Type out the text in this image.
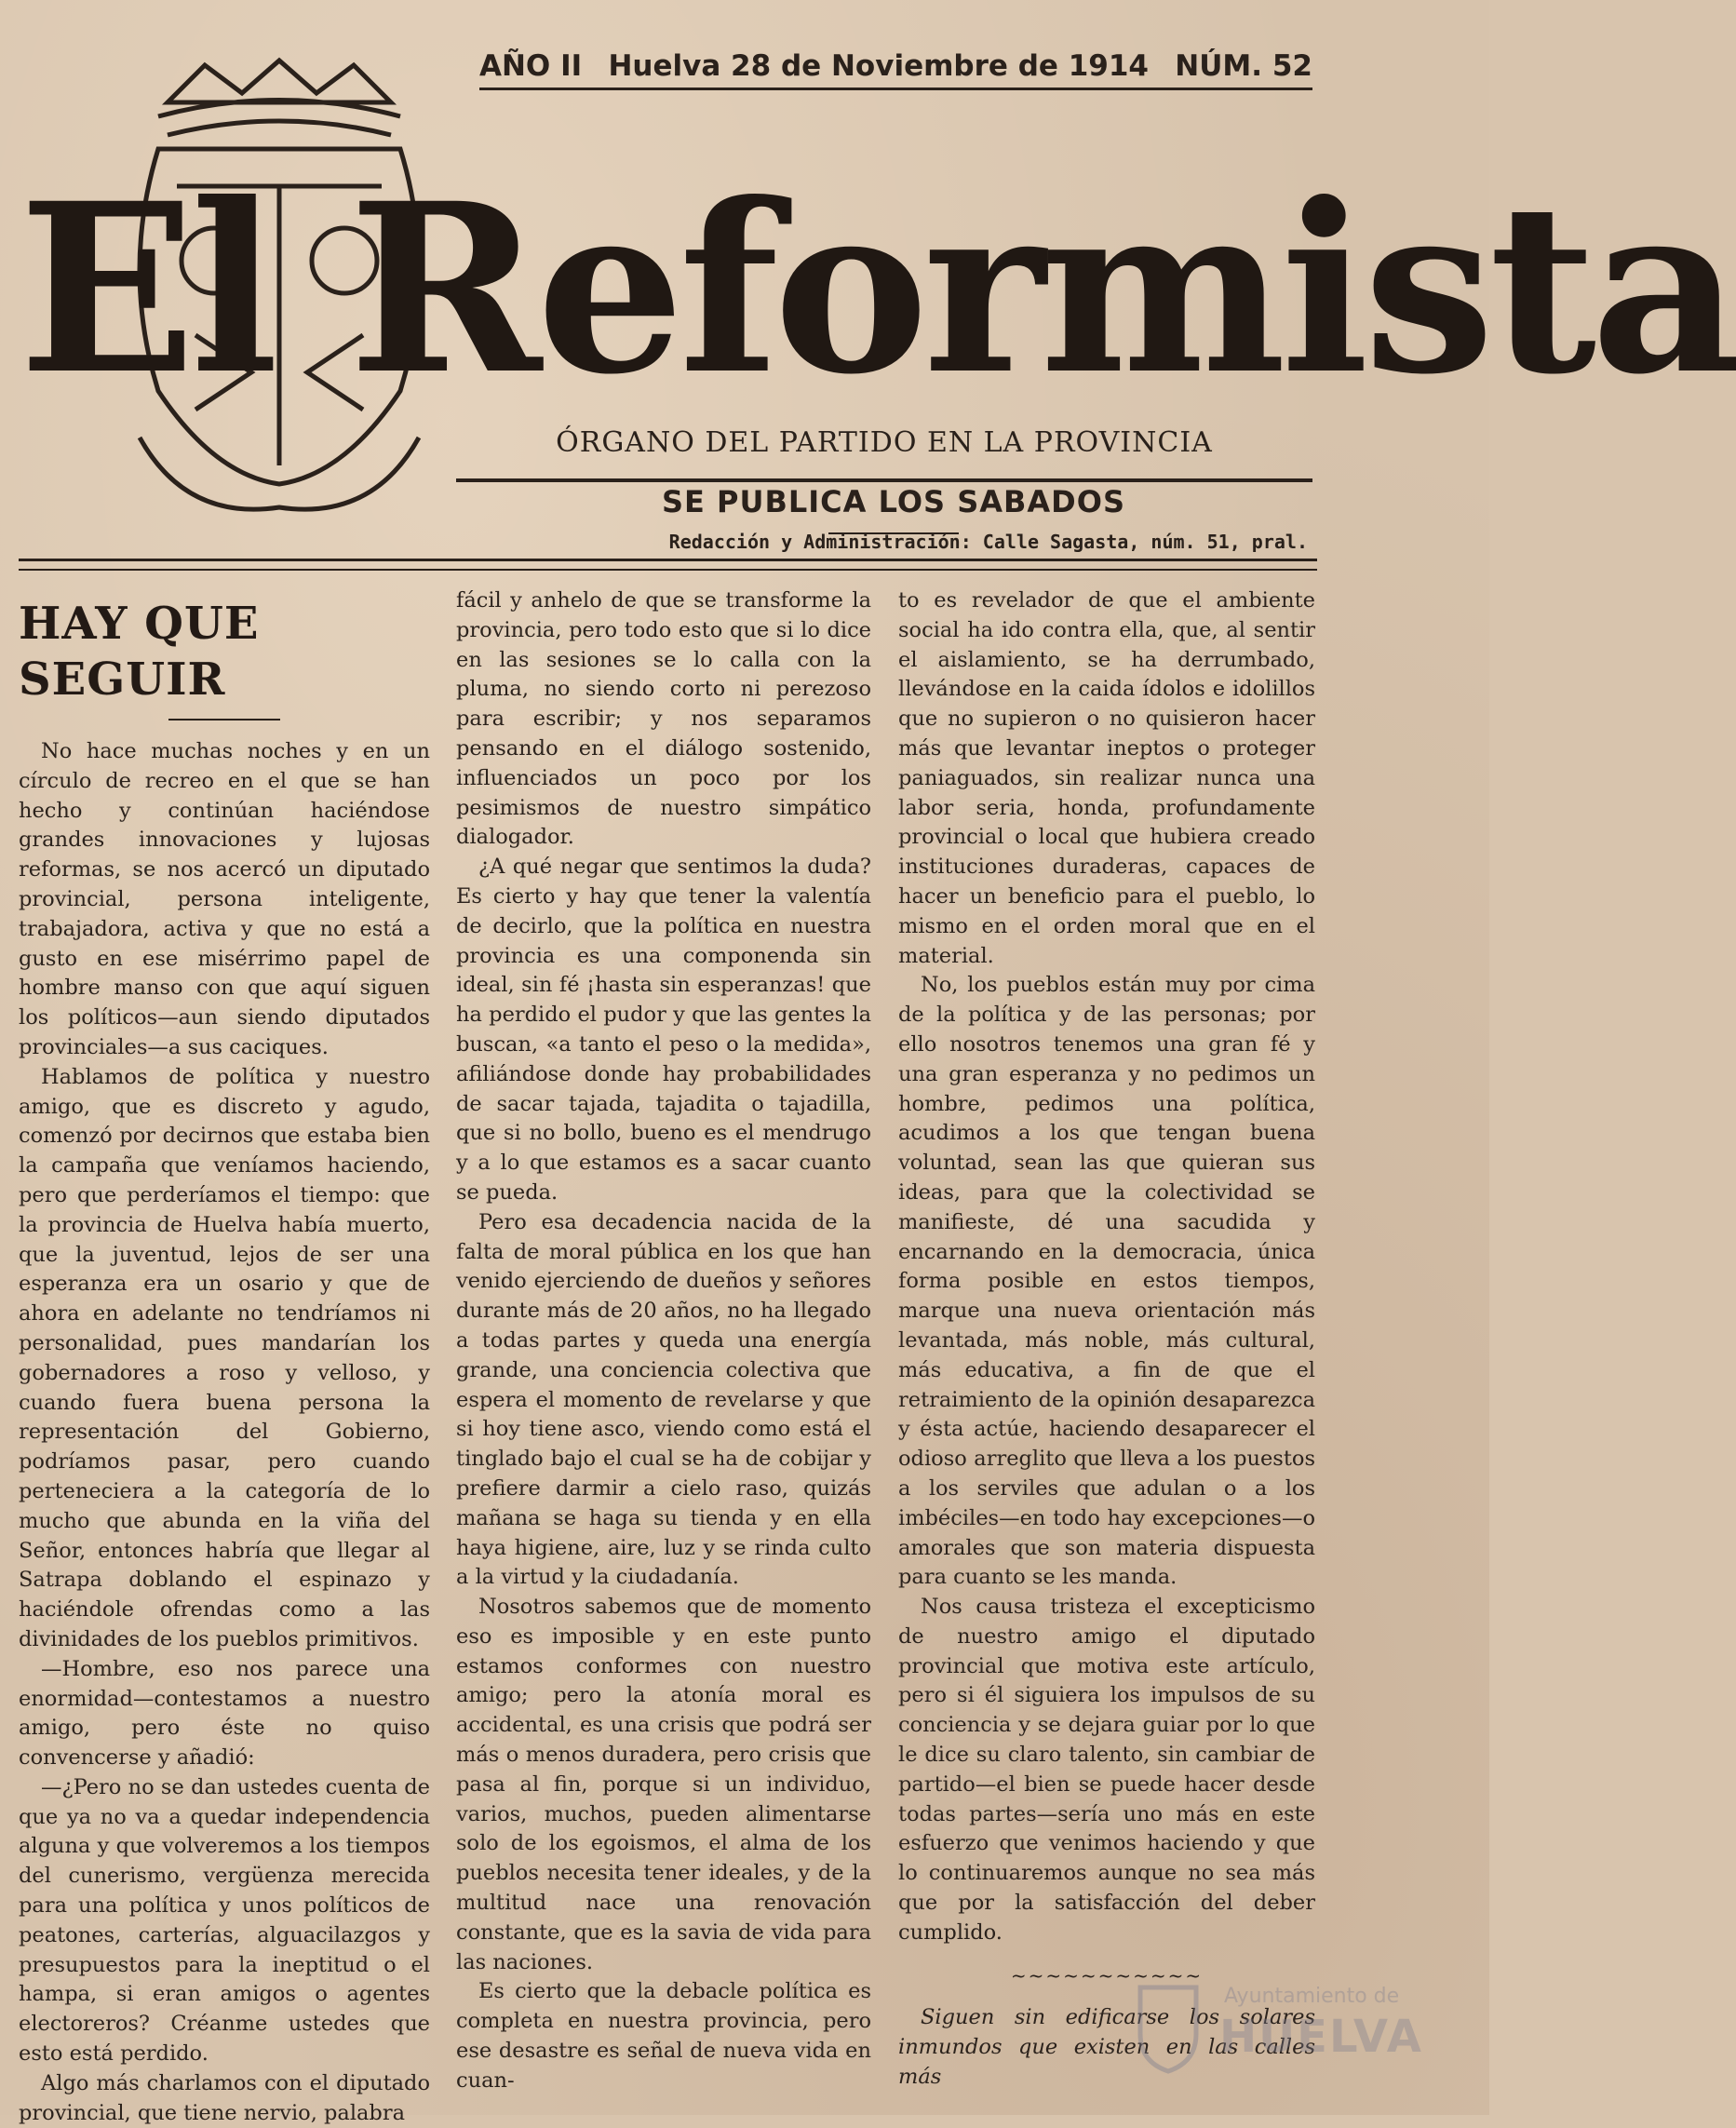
AÑO II Huelva 28 de Noviembre de 1914 NÚM. 52
El Reformista
ÓRGANO DEL PARTIDO EN LA PROVINCIA
SE PUBLICA LOS SABADOS
Redacción y Administración: Calle Sagasta, núm. 51, pral.
HAY QUE SEGUIR

No hace muchas noches y en un círculo de recreo en el que se han hecho y continúan haciéndose grandes innovaciones y lujosas reformas, se nos acercó un diputado provincial, persona inteligente, trabajadora, activa y que no está a gusto en ese misérrimo papel de hombre manso con que aquí siguen los políticos—aun siendo diputados provinciales—a sus caciques.

Hablamos de política y nuestro amigo, que es discreto y agudo, comenzó por decirnos que estaba bien la campaña que veníamos haciendo, pero que perderíamos el tiempo: que la provincia de Huelva había muerto, que la juventud, lejos de ser una esperanza era un osario y que de ahora en adelante no tendríamos ni personalidad, pues mandarían los gobernadores a roso y velloso, y cuando fuera buena persona la representación del Gobierno, podríamos pasar, pero cuando perteneciera a la categoría de lo mucho que abunda en la viña del Señor, entonces habría que llegar al Satrapa doblando el espinazo y haciéndole ofrendas como a las divinidades de los pueblos primitivos.

—Hombre, eso nos parece una enormidad—contestamos a nuestro amigo, pero éste no quiso convencerse y añadió:

—¿Pero no se dan ustedes cuenta de que ya no va a quedar independencia alguna y que volveremos a los tiempos del cunerismo, vergüenza merecida para una política y unos políticos de peatones, carterías, alguacilazgos y presupuestos para la ineptitud o el hampa, si eran amigos o agentes electoreros? Créanme ustedes que esto está perdido.

Algo más charlamos con el diputado provincial, que tiene nervio, palabra

fácil y anhelo de que se transforme la provincia, pero todo esto que si lo dice en las sesiones se lo calla con la pluma, no siendo corto ni perezoso para escribir; y nos separamos pensando en el diálogo sostenido, influenciados un poco por los pesimismos de nuestro simpático dialogador.

¿A qué negar que sentimos la duda? Es cierto y hay que tener la valentía de decirlo, que la política en nuestra provincia es una componenda sin ideal, sin fé ¡hasta sin esperanzas! que ha perdido el pudor y que las gentes la buscan, «a tanto el peso o la medida», afiliándose donde hay probabilidades de sacar tajada, tajadita o tajadilla, que si no bollo, bueno es el mendrugo y a lo que estamos es a sacar cuanto se pueda.

Pero esa decadencia nacida de la falta de moral pública en los que han venido ejerciendo de dueños y señores durante más de 20 años, no ha llegado a todas partes y queda una energía grande, una conciencia colectiva que espera el momento de revelarse y que si hoy tiene asco, viendo como está el tinglado bajo el cual se ha de cobijar y prefiere darmir a cielo raso, quizás mañana se haga su tienda y en ella haya higiene, aire, luz y se rinda culto a la virtud y la ciudadanía.

Nosotros sabemos que de momento eso es imposible y en este punto estamos conformes con nuestro amigo; pero la atonía moral es accidental, es una crisis que podrá ser más o menos duradera, pero crisis que pasa al fin, porque si un individuo, varios, muchos, pueden alimentarse solo de los egoismos, el alma de los pueblos necesita tener ideales, y de la multitud nace una renovación constante, que es la savia de vida para las naciones.

Es cierto que la debacle política es completa en nuestra provincia, pero ese desastre es señal de nueva vida en cuan-

to es revelador de que el ambiente social ha ido contra ella, que, al sentir el aislamiento, se ha derrumbado, llevándose en la caida ídolos e idolillos que no supieron o no quisieron hacer más que levantar ineptos o proteger paniaguados, sin realizar nunca una labor seria, honda, profundamente provincial o local que hubiera creado instituciones duraderas, capaces de hacer un beneficio para el pueblo, lo mismo en el orden moral que en el material.

No, los pueblos están muy por cima de la política y de las personas; por ello nosotros tenemos una gran fé y una gran esperanza y no pedimos un hombre, pedimos una política, acudimos a los que tengan buena voluntad, sean las que quieran sus ideas, para que la colectividad se manifieste, dé una sacudida y encarnando en la democracia, única forma posible en estos tiempos, marque una nueva orientación más levantada, más noble, más cultural, más educativa, a fin de que el retraimiento de la opinión desaparezca y ésta actúe, haciendo desaparecer el odioso arreglito que lleva a los puestos a los serviles que adulan o a los imbéciles—en todo hay excepciones—o amorales que son materia dispuesta para cuanto se les manda.

Nos causa tristeza el excepticismo de nuestro amigo el diputado provincial que motiva este artículo, pero si él siguiera los impulsos de su conciencia y se dejara guiar por lo que le dice su claro talento, sin cambiar de partido—el bien se puede hacer desde todas partes—sería uno más en este esfuerzo que venimos haciendo y que lo continuaremos aunque no sea más que por la satisfacción del deber cumplido.

~~~~~~~~~~~

Siguen sin edificarse los solares inmundos que existen en las calles más

Ayuntamiento de
HUELVA
